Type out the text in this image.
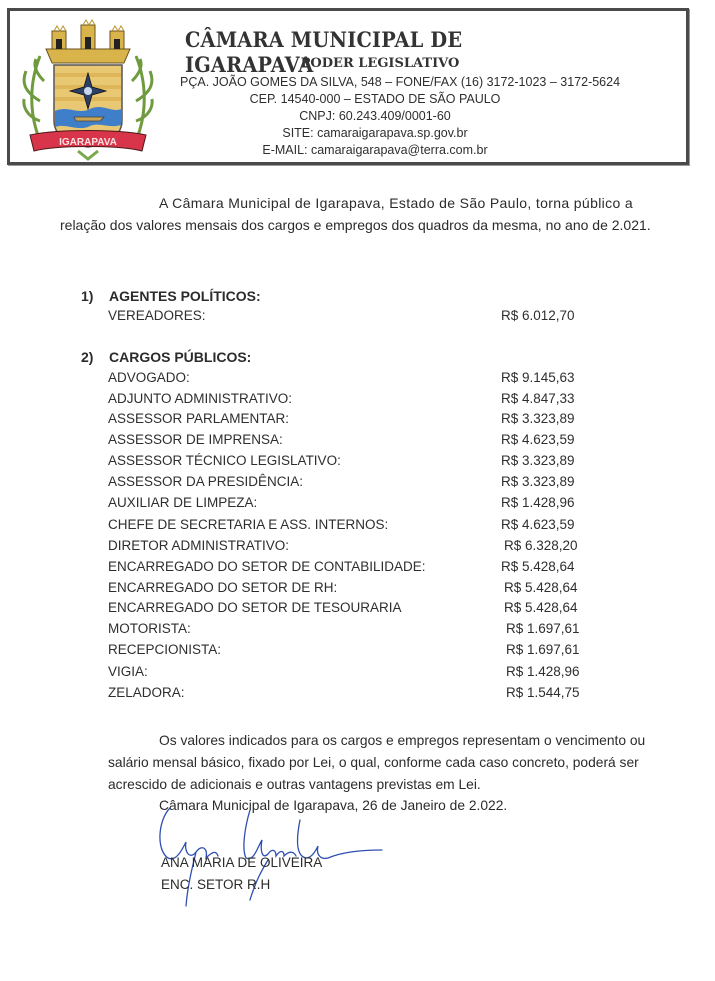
IGARAPAVA
CÂMARA MUNICIPAL DE IGARAPAVA
PODER LEGISLATIVO
PÇA. JOÃO GOMES DA SILVA, 548 – FONE/FAX (16) 3172-1023 – 3172-5624
CEP. 14540-000 – ESTADO DE SÃO PAULO
CNPJ: 60.243.409/0001-60
SITE: camaraigarapava.sp.gov.br
E-MAIL: camaraigarapava@terra.com.br
A Câmara Municipal de Igarapava, Estado de São Paulo, torna público a
relação dos valores mensais dos cargos e empregos dos quadros da mesma, no ano de 2.021.
1) AGENTES POLÍTICOS:
VEREADORES:	R$ 6.012,70
2) CARGOS PÚBLICOS:
ADVOGADO:	R$ 9.145,63
ADJUNTO ADMINISTRATIVO:	R$ 4.847,33
ASSESSOR PARLAMENTAR:	R$ 3.323,89
ASSESSOR DE IMPRENSA:	R$ 4.623,59
ASSESSOR TÉCNICO LEGISLATIVO:	R$ 3.323,89
ASSESSOR DA PRESIDÊNCIA:	R$ 3.323,89
AUXILIAR DE LIMPEZA:	R$ 1.428,96
CHEFE DE SECRETARIA E ASS. INTERNOS:	R$ 4.623,59
DIRETOR ADMINISTRATIVO:	R$ 6.328,20
ENCARREGADO DO SETOR DE CONTABILIDADE:	R$ 5.428,64
ENCARREGADO DO SETOR DE RH:	R$ 5.428,64
ENCARREGADO DO SETOR DE TESOURARIA	R$ 5.428,64
MOTORISTA:	R$ 1.697,61
RECEPCIONISTA:	R$ 1.697,61
VIGIA:	R$ 1.428,96
ZELADORA:	R$ 1.544,75
Os valores indicados para os cargos e empregos representam o vencimento ou
salário mensal básico, fixado por Lei, o qual, conforme cada caso concreto, poderá ser
acrescido de adicionais e outras vantagens previstas em Lei.
Câmara Municipal de Igarapava, 26 de Janeiro de 2.022.
ANA MARIA DE OLIVEIRA
ENC. SETOR R.H
